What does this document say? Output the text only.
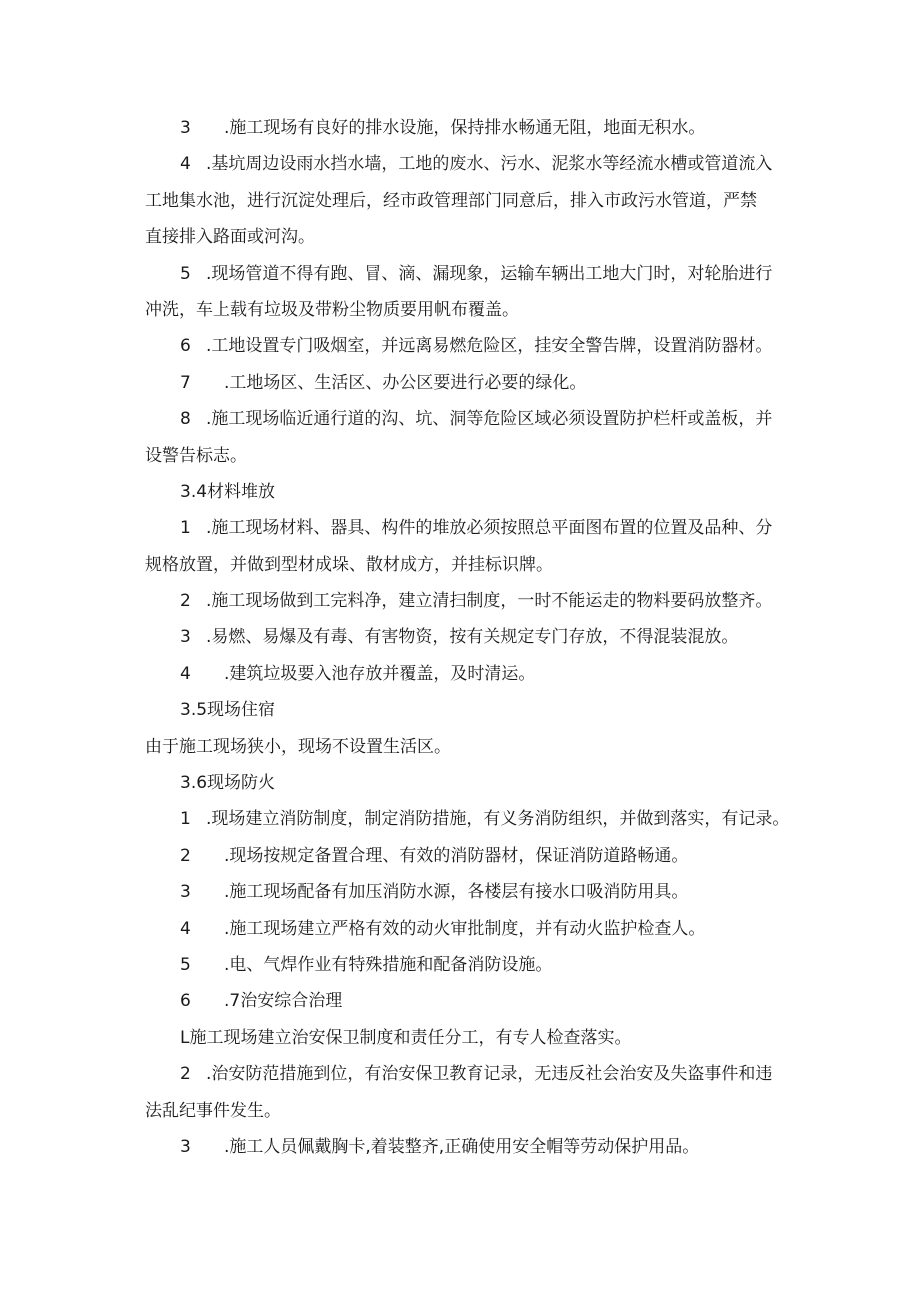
3 .施工现场有良好的排水设施，保持排水畅通无阻，地面无积水。
4 .基坑周边设雨水挡水墙，工地的废水、污水、泥浆水等经流水槽或管道流入
工地集水池，进行沉淀处理后，经市政管理部门同意后，排入市政污水管道，严禁
直接排入路面或河沟。
5 .现场管道不得有跑、冒、滴、漏现象，运输车辆出工地大门时，对轮胎进行
冲洗，车上载有垃圾及带粉尘物质要用帆布覆盖。
6 .工地设置专门吸烟室，并远离易燃危险区，挂安全警告牌，设置消防器材。
7 .工地场区、生活区、办公区要进行必要的绿化。
8 .施工现场临近通行道的沟、坑、洞等危险区域必须设置防护栏杆或盖板，并
设警告标志。
3.4材料堆放
1 .施工现场材料、器具、构件的堆放必须按照总平面图布置的位置及品种、分
规格放置，并做到型材成垛、散材成方，并挂标识牌。
2 .施工现场做到工完料净，建立清扫制度，一时不能运走的物料要码放整齐。
3 .易燃、易爆及有毒、有害物资，按有关规定专门存放，不得混装混放。
4 .建筑垃圾要入池存放并覆盖，及时清运。
3.5现场住宿
由于施工现场狭小，现场不设置生活区。
3.6现场防火
1 .现场建立消防制度，制定消防措施，有义务消防组织，并做到落实，有记录。
2 .现场按规定备置合理、有效的消防器材，保证消防道路畅通。
3 .施工现场配备有加压消防水源，各楼层有接水口吸消防用具。
4 .施工现场建立严格有效的动火审批制度，并有动火监护检查人。
5 .电、气焊作业有特殊措施和配备消防设施。
6 .7治安综合治理
L施工现场建立治安保卫制度和责任分工，有专人检查落实。
2 .治安防范措施到位，有治安保卫教育记录，无违反社会治安及失盗事件和违
法乱纪事件发生。
3 .施工人员佩戴胸卡,着装整齐,正确使用安全帽等劳动保护用品。
